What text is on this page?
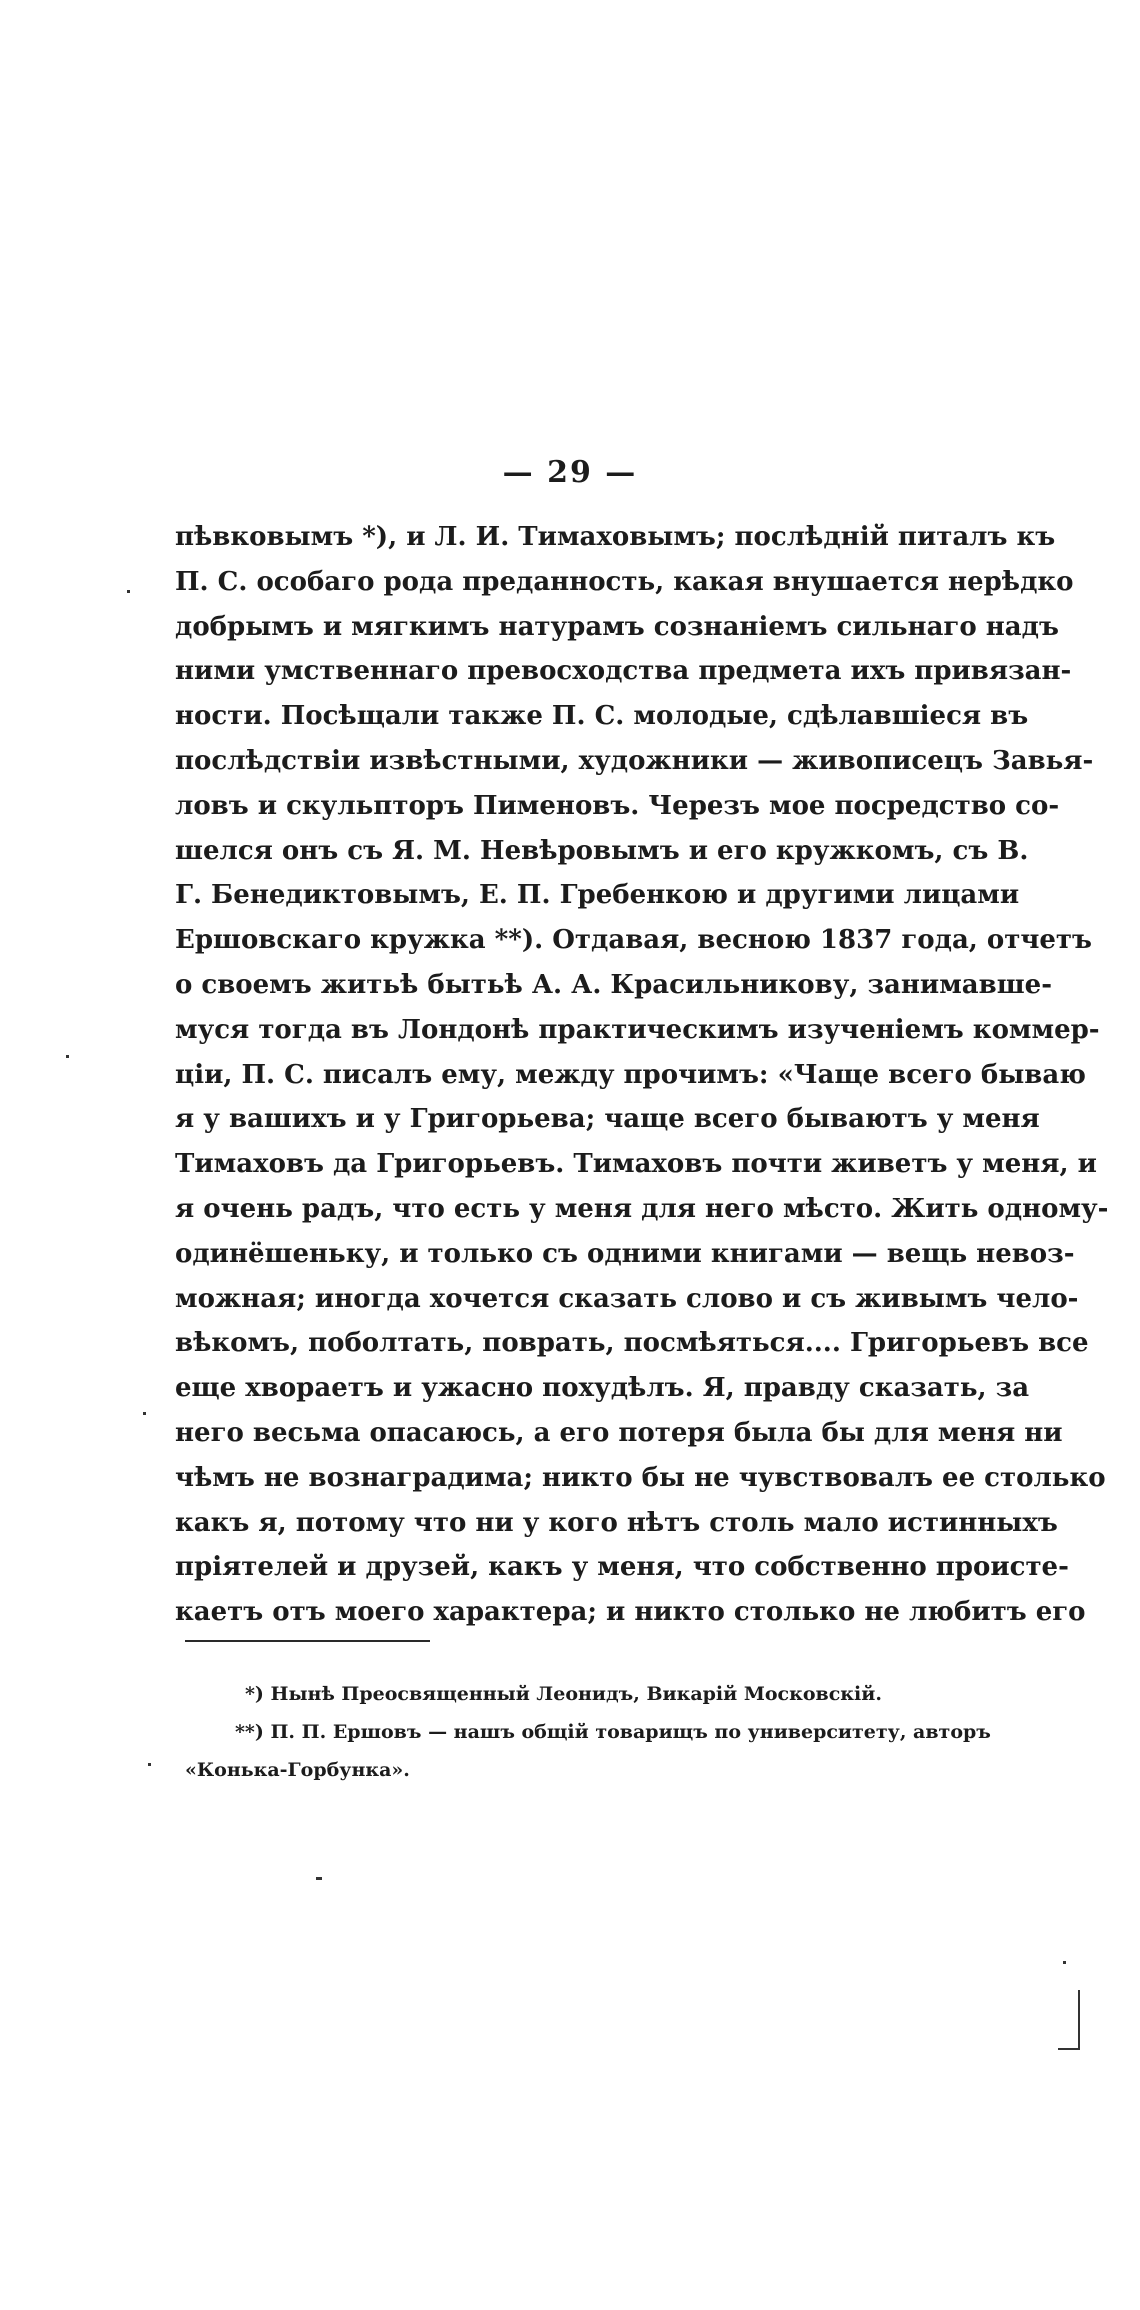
— 29 —
пѣвковымъ *), и Л. И. Тимаховымъ; послѣдній питалъ къ
П. С. особаго рода преданность, какая внушается нерѣдко
добрымъ и мягкимъ натурамъ сознаніемъ сильнаго надъ
ними умственнаго превосходства предмета ихъ привязан-
ности. Посѣщали также П. С. молодые, сдѣлавшіеся въ
послѣдствіи извѣстными, художники — живописецъ Завья-
ловъ и скульпторъ Пименовъ. Черезъ мое посредство со-
шелся онъ съ Я. М. Невѣровымъ и его кружкомъ, съ В.
Г. Бенедиктовымъ, Е. П. Гребенкою и другими лицами
Ершовскаго кружка **). Отдавая, весною 1837 года, отчетъ
о своемъ житьѣ бытьѣ А. А. Красильникову, занимавше-
муся тогда въ Лондонѣ практическимъ изученіемъ коммер-
ціи, П. С. писалъ ему, между прочимъ: «Чаще всего бываю
я у вашихъ и у Григорьева; чаще всего бываютъ у меня
Тимаховъ да Григорьевъ. Тимаховъ почти живетъ у меня, и
я очень радъ, что есть у меня для него мѣсто. Жить одному-
одинёшеньку, и только съ одними книгами — вещь невоз-
можная; иногда хочется сказать слово и съ живымъ чело-
вѣкомъ, поболтать, поврать, посмѣяться.... Григорьевъ все
еще хвораетъ и ужасно похудѣлъ. Я, правду сказать, за
него весьма опасаюсь, а его потеря была бы для меня ни
чѣмъ не вознаградима; никто бы не чувствовалъ ее столько
какъ я, потому что ни у кого нѣтъ столь мало истинныхъ
пріятелей и друзей, какъ у меня, что собственно происте-
каетъ отъ моего характера; и никто столько не любитъ его
*) Нынѣ Преосвященный Леонидъ, Викарій Московскій.
**) П. П. Ершовъ — нашъ общій товарищъ по университету, авторъ
«Конька-Горбунка».
